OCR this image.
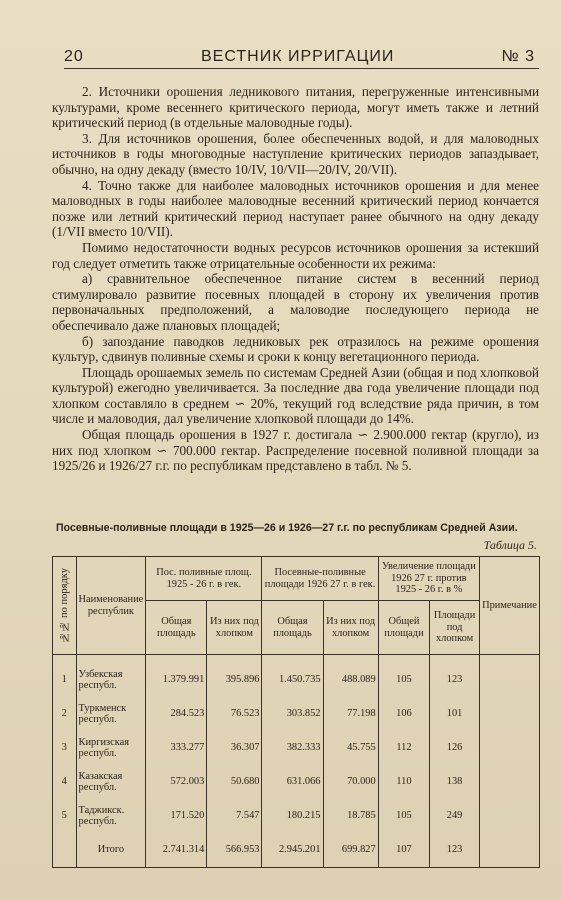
20	ВЕСТНИК ИРРИГАЦИИ	№ 3

2. Источники орошения ледникового питания, перегруженные интенсивными культурами, кроме весеннего критического периода, могут иметь также и летний критический период (в отдельные маловодные годы).

3. Для источников орошения, более обеспеченных водой, и для маловодных источников в годы многоводные наступление критических периодов запаздывает, обычно, на одну декаду (вместо 10/IV, 10/VII—20/IV, 20/VII).

4. Точно также для наиболее маловодных источников орошения и для менее маловодных в годы наиболее маловодные весенний критический период кончается позже или летний критический период наступает ранее обычного на одну декаду (1/VII вместо 10/VII).

Помимо недостаточности водных ресурсов источников орошения за истекший год следует отметить также отрицательные особенности их режима:

а) сравнительное обеспеченное питание систем в весенний период стимулировало развитие посевных площадей в сторону их увеличения против первоначальных предположений, а маловодие последующего периода не обеспечивало даже плановых площадей;

б) запоздание паводков ледниковых рек отразилось на режиме орошения культур, сдвинув поливные схемы и сроки к концу вегетационного периода.

Площадь орошаемых земель по системам Средней Азии (общая и под хлопковой культурой) ежегодно увеличивается. За последние два года увеличение площади под хлопком составляло в среднем ∽ 20%, текущий год вследствие ряда причин, в том числе и маловодия, дал увеличение хлопковой площади до 14%.

Общая площадь орошения в 1927 г. достигала ∽ 2.900.000 гектар (кругло), из них под хлопком ∽ 700.000 гектар. Распределение посевной поливной площади за 1925/26 и 1926/27 г.г. по республикам представлено в табл. № 5.

Посевные-поливные площади в 1925—26 и 1926—27 г.г. по республикам Средней Азии.
Таблица 5.
№№ по порядку	Наименование республик	Пос. поливные площ. 1925 - 26 г. в гек.		Посевные-поливные площади 1926 27 г. в гек.		Увеличение площади 1926 27 г. против 1925 - 26 г. в %		Примечание
		Общая площадь	Из них под хлопком	Общая площадь	Из них под хлопком	Общей площади	Площади под хлопком	

1	Узбекская республ.	1.379.991	395.896	1.450.735	488.089	105	123	
2	Туркменск республ.	284.523	76.523	303.852	77.198	106	101	
3	Киргизская республ.	333.277	36.307	382.333	45.755	112	126	
4	Казакская республ.	572.003	50.680	631.066	70.000	110	138	
5	Таджикск. республ.	171.520	7.547	180.215	18.785	105	249	
	Итого	2.741.314	566.953	2.945.201	699.827	107	123	
